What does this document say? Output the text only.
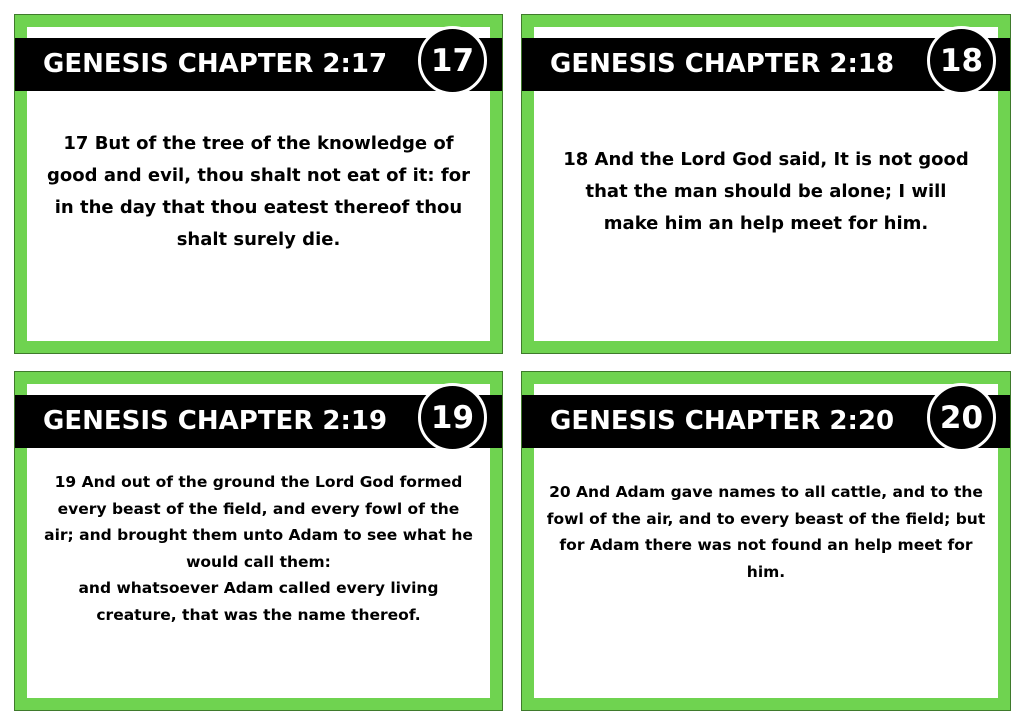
GENESIS CHAPTER 2:17	17
17 But of the tree of the knowledge of
good and evil, thou shalt not eat of it: for
in the day that thou eatest thereof thou
shalt surely die.
GENESIS CHAPTER 2:18	18
18 And the Lord God said, It is not good
that the man should be alone; I will
make him an help meet for him.
GENESIS CHAPTER 2:19	19
19 And out of the ground the Lord God formed
every beast of the field, and every fowl of the
air; and brought them unto Adam to see what he
would call them:
and whatsoever Adam called every living
creature, that was the name thereof.
GENESIS CHAPTER 2:20	20
20 And Adam gave names to all cattle, and to the
fowl of the air, and to every beast of the field; but
for Adam there was not found an help meet for
him.
